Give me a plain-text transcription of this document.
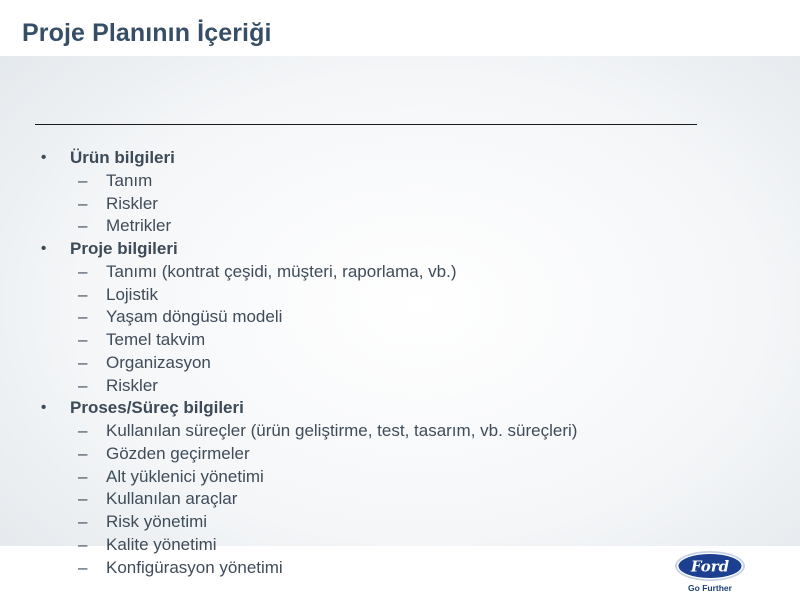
Proje Planının İçeriği
• Ürün bilgileri
– Tanım
– Riskler
– Metrikler
• Proje bilgileri
– Tanımı (kontrat çeşidi, müşteri, raporlama, vb.)
– Lojistik
– Yaşam döngüsü modeli
– Temel takvim
– Organizasyon
– Riskler
• Proses/Süreç bilgileri
– Kullanılan süreçler (ürün geliştirme, test, tasarım, vb. süreçleri)
– Gözden geçirmeler
– Alt yüklenici yönetimi
– Kullanılan araçlar
– Risk yönetimi
– Kalite yönetimi
– Konfigürasyon yönetimi	Ford
Go Further
